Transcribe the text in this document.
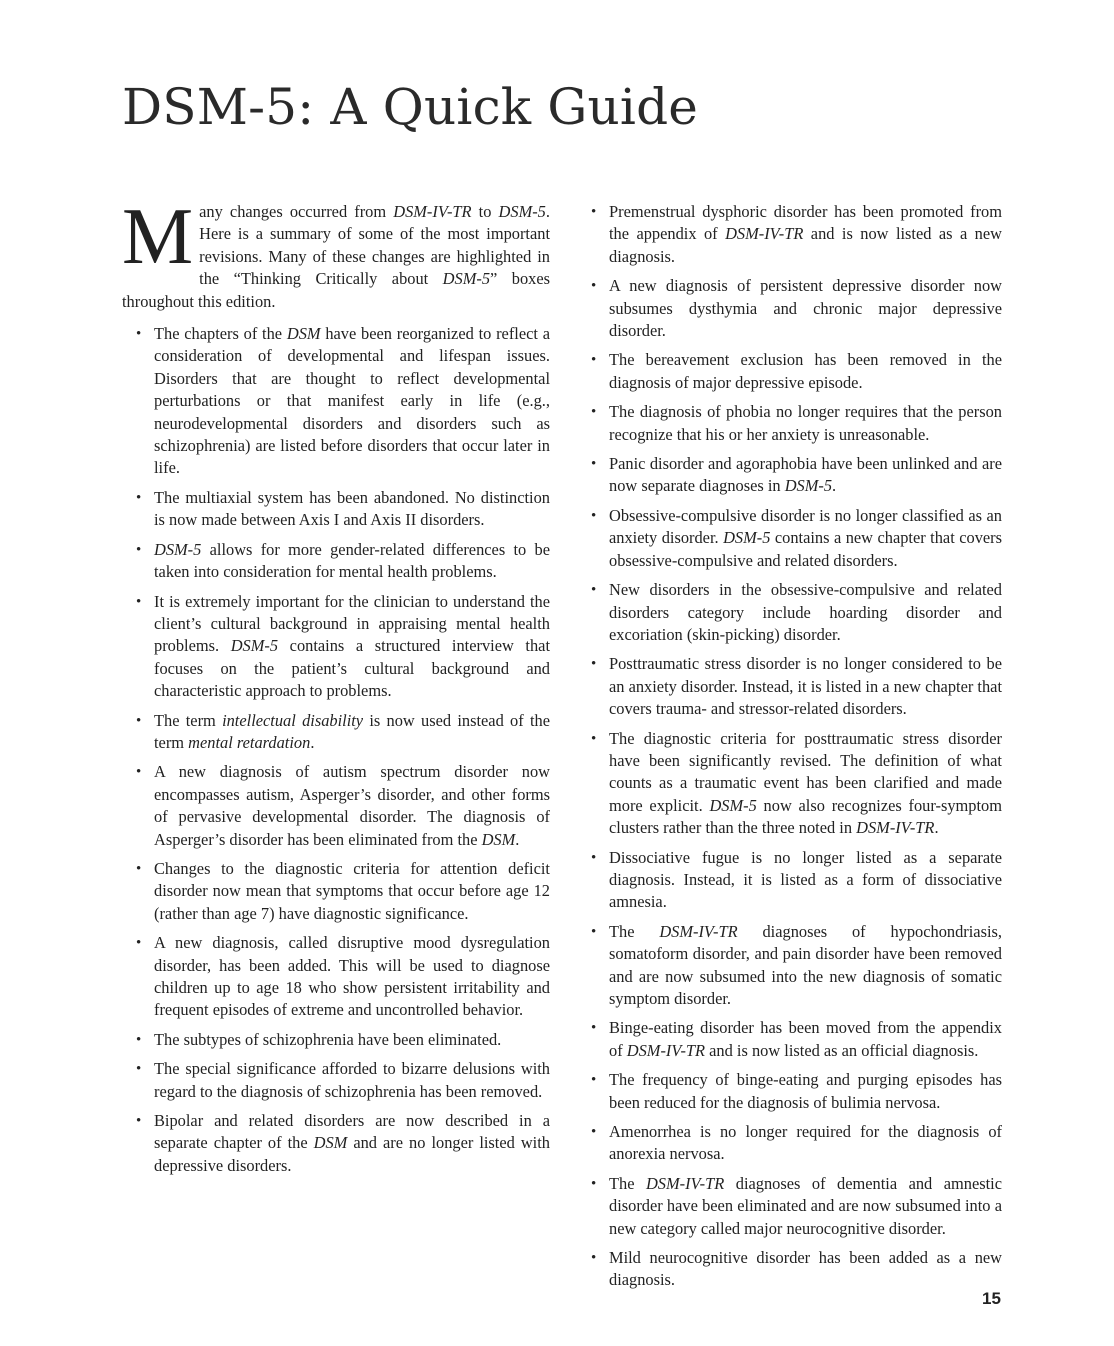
DSM-5: A Quick Guide

Many changes occurred from DSM-IV-TR to DSM-5. Here is a summary of some of the most important revisions. Many of these changes are highlighted in the “Thinking Critically about DSM-5” boxes throughout this edition.

• The chapters of the DSM have been reorganized to reflect a consideration of developmental and lifespan issues. Disorders that are thought to reflect developmental perturbations or that manifest early in life (e.g., neurodevelopmental disorders and disorders such as schizophrenia) are listed before disorders that occur later in life.
• The multiaxial system has been abandoned. No distinction is now made between Axis I and Axis II disorders.
• DSM-5 allows for more gender-related differences to be taken into consideration for mental health problems.
• It is extremely important for the clinician to understand the client’s cultural background in appraising mental health problems. DSM-5 contains a structured interview that focuses on the patient’s cultural background and characteristic approach to problems.
• The term intellectual disability is now used instead of the term mental retardation.
• A new diagnosis of autism spectrum disorder now encompasses autism, Asperger’s disorder, and other forms of pervasive developmental disorder. The diagnosis of Asperger’s disorder has been eliminated from the DSM.
• Changes to the diagnostic criteria for attention deficit disorder now mean that symptoms that occur before age 12 (rather than age 7) have diagnostic significance.
• A new diagnosis, called disruptive mood dysregulation disorder, has been added. This will be used to diagnose children up to age 18 who show persistent irritability and frequent episodes of extreme and uncontrolled behavior.
• The subtypes of schizophrenia have been eliminated.
• The special significance afforded to bizarre delusions with regard to the diagnosis of schizophrenia has been removed.
• Bipolar and related disorders are now described in a separate chapter of the DSM and are no longer listed with depressive disorders.
• Premenstrual dysphoric disorder has been promoted from the appendix of DSM-IV-TR and is now listed as a new diagnosis.
• A new diagnosis of persistent depressive disorder now subsumes dysthymia and chronic major depressive disorder.
• The bereavement exclusion has been removed in the diagnosis of major depressive episode.
• The diagnosis of phobia no longer requires that the person recognize that his or her anxiety is unreasonable.
• Panic disorder and agoraphobia have been unlinked and are now separate diagnoses in DSM-5.
• Obsessive-compulsive disorder is no longer classified as an anxiety disorder. DSM-5 contains a new chapter that covers obsessive-compulsive and related disorders.
• New disorders in the obsessive-compulsive and related disorders category include hoarding disorder and excoriation (skin-picking) disorder.
• Posttraumatic stress disorder is no longer considered to be an anxiety disorder. Instead, it is listed in a new chapter that covers trauma- and stressor-related disorders.
• The diagnostic criteria for posttraumatic stress disorder have been significantly revised. The definition of what counts as a traumatic event has been clarified and made more explicit. DSM-5 now also recognizes four-symptom clusters rather than the three noted in DSM-IV-TR.
• Dissociative fugue is no longer listed as a separate diagnosis. Instead, it is listed as a form of dissociative amnesia.
• The DSM-IV-TR diagnoses of hypochondriasis, somatoform disorder, and pain disorder have been removed and are now subsumed into the new diagnosis of somatic symptom disorder.
• Binge-eating disorder has been moved from the appendix of DSM-IV-TR and is now listed as an official diagnosis.
• The frequency of binge-eating and purging episodes has been reduced for the diagnosis of bulimia nervosa.
• Amenorrhea is no longer required for the diagnosis of anorexia nervosa.
• The DSM-IV-TR diagnoses of dementia and amnestic disorder have been eliminated and are now subsumed into a new category called major neurocognitive disorder.
• Mild neurocognitive disorder has been added as a new diagnosis.
15
